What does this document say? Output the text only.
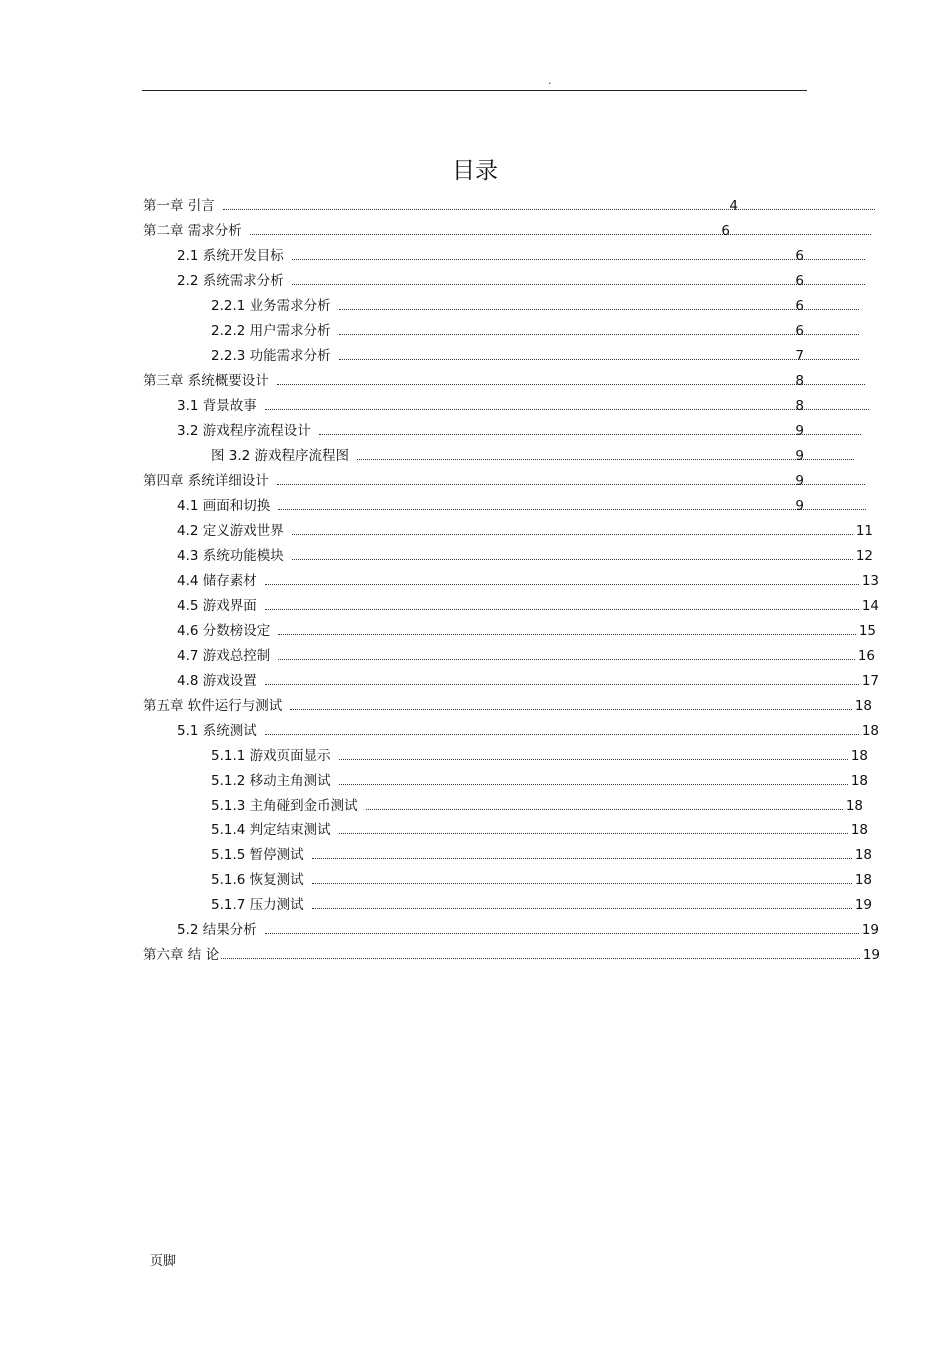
.
目录
第一章 引言	4
第二章 需求分析	6
2.1 系统开发目标	6
2.2 系统需求分析	6
2.2.1 业务需求分析	6
2.2.2 用户需求分析	6
2.2.3 功能需求分析	7
第三章 系统概要设计	8
3.1 背景故事	8
3.2 游戏程序流程设计	9
图 3.2 游戏程序流程图	9
第四章 系统详细设计	9
4.1 画面和切换	9
4.2 定义游戏世界	11
4.3 系统功能模块	12
4.4 储存素材	13
4.5 游戏界面	14
4.6 分数榜设定	15
4.7 游戏总控制	16
4.8 游戏设置	17
第五章 软件运行与测试	18
5.1 系统测试	18
5.1.1 游戏页面显示	18
5.1.2 移动主角测试	18
5.1.3 主角碰到金币测试	18
5.1.4 判定结束测试	18
5.1.5 暂停测试	18
5.1.6 恢复测试	18
5.1.7 压力测试	19
5.2 结果分析	19
第六章 结 论	19
页脚
